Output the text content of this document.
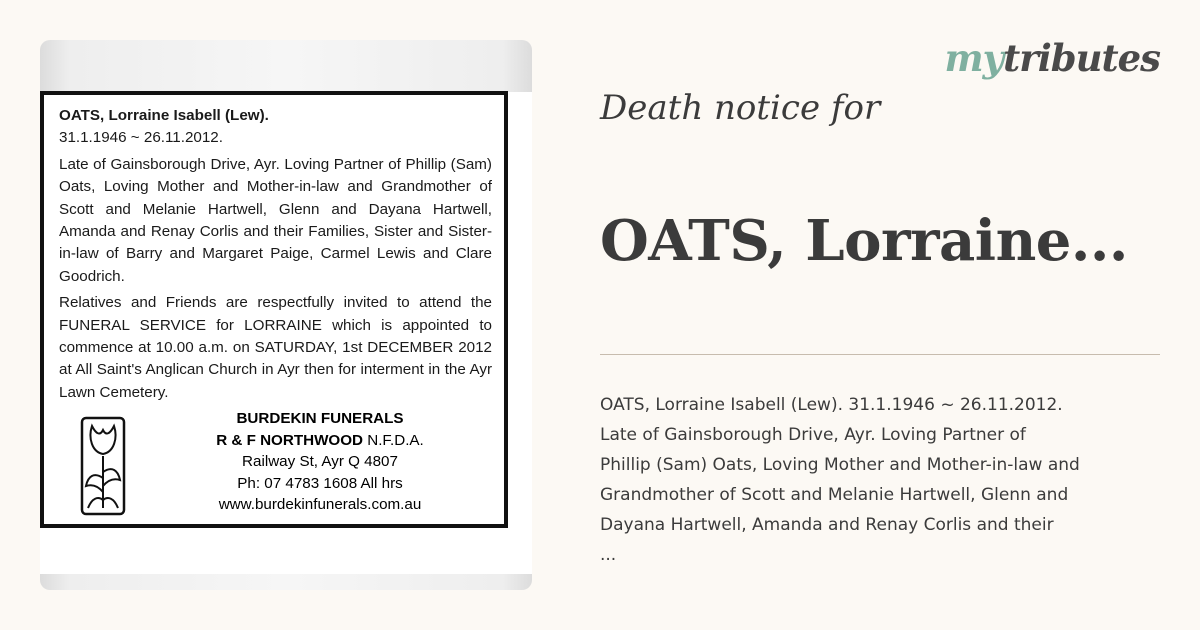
OATS, Lorraine Isabell (Lew).
31.1.1946 ~ 26.11.2012.

Late of Gainsborough Drive, Ayr. Loving Partner of Phillip (Sam) Oats, Loving Mother and Mother-in-law and Grandmother of Scott and Melanie Hartwell, Glenn and Dayana Hartwell, Amanda and Renay Corlis and their Families, Sister and Sister-in-law of Barry and Margaret Paige, Carmel Lewis and Clare Goodrich.

Relatives and Friends are respectfully invited to attend the FUNERAL SERVICE for LORRAINE which is appointed to commence at 10.00 a.m. on SATURDAY, 1st DECEMBER 2012 at All Saint's Anglican Church in Ayr then for interment in the Ayr Lawn Cemetery.

BURDEKIN FUNERALS
R & F NORTHWOOD N.F.D.A.
Railway St, Ayr Q 4807
Ph: 07 4783 1608 All hrs
www.burdekinfunerals.com.au
mytributes
Death notice for
OATS, Lorraine...
OATS, Lorraine Isabell (Lew). 31.1.1946 ~ 26.11.2012.
Late of Gainsborough Drive, Ayr. Loving Partner of
Phillip (Sam) Oats, Loving Mother and Mother-in-law and
Grandmother of Scott and Melanie Hartwell, Glenn and
Dayana Hartwell, Amanda and Renay Corlis and their
...
